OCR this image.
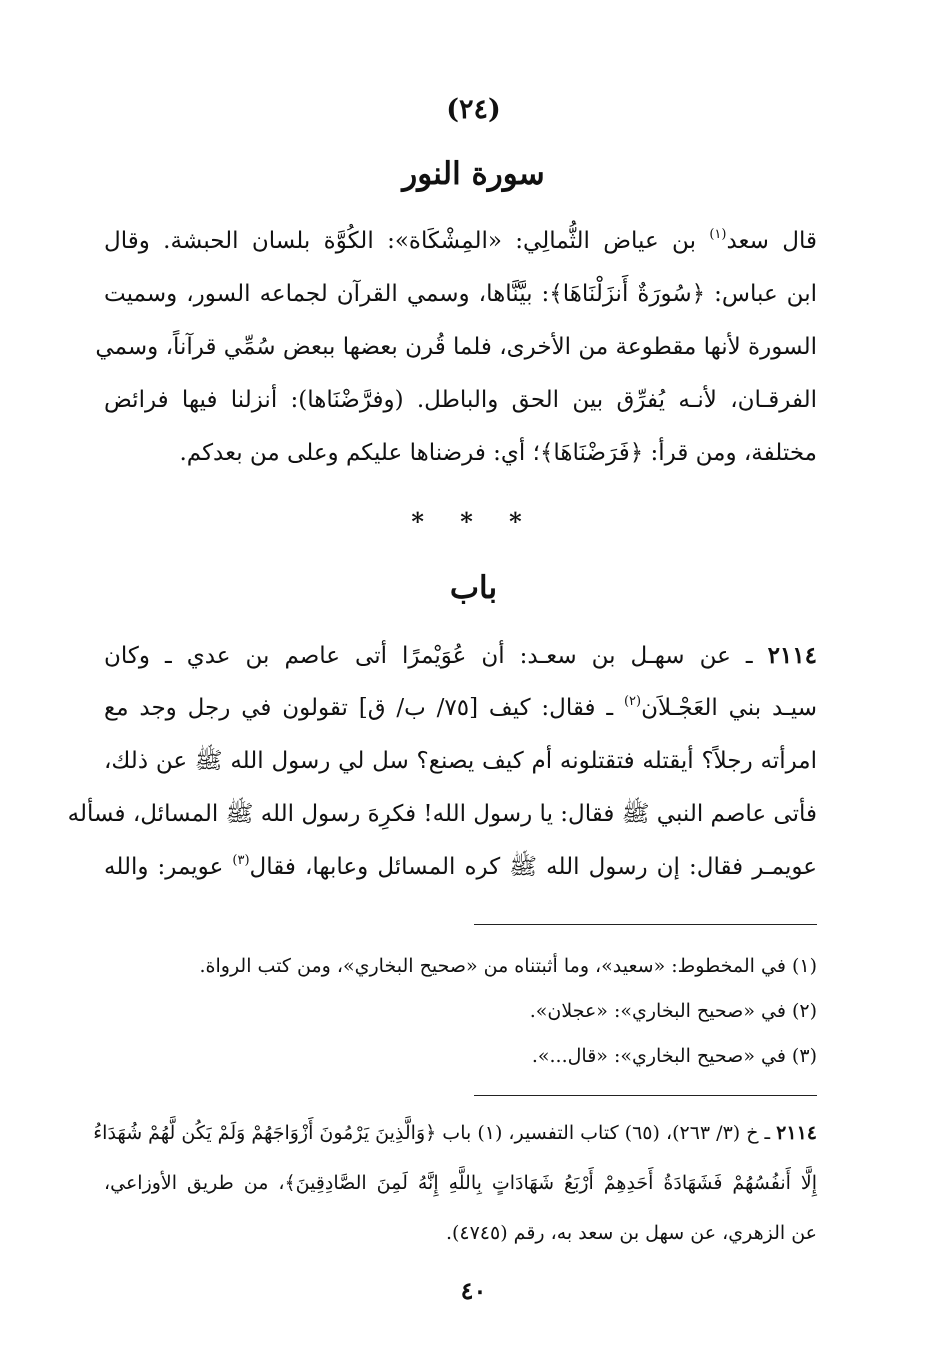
(٢٤)
سورة النور
قال سعد$^{(١)}$ بن عياض الثُّمالِي: «المِشْكَاة»: الكُوَّة بلسان الحبشة. وقال
ابن عباس: ﴿سُورَةٌ أَنزَلْنَاهَا﴾: بيَّنَّاها، وسمي القرآن لجماعه السور، وسميت
السورة لأنها مقطوعة من الأخرى، فلما قُرن بعضها ببعض سُمِّي قرآناً، وسمي
الفرقـان، لأنـه يُفرِّق بين الحق والباطل. (وفرَّضْنَاها): أنزلنا فيها فرائض
مختلفة، ومن قرأ: ﴿فَرَضْنَاهَا﴾؛ أي: فرضناها عليكم وعلى من بعدكم.
* * *
باب
٢١١٤ ـ عن سهـل بن سعـد: أن عُوَيْمرًا أتى عاصم بن عدي ـ وكان
سيـد بني العَجْـلاَن$^{(٢)}$ ـ فقال: كيف [٧٥/ ب/ ق] تقولون في رجل وجد مع
امرأته رجلاً؟ أيقتله فتقتلونه أم كيف يصنع؟ سل لي رسول الله ﷺ عن ذلك،
فأتى عاصم النبي ﷺ فقال: يا رسول الله! فكرِهَ رسول الله ﷺ المسائل، فسأله
عويمـر فقال: إن رسول الله ﷺ كره المسائل وعابها، فقال$^{(٣)}$ عويمر: والله
(١) في المخطوط: «سعيد»، وما أثبتناه من «صحيح البخاري»، ومن كتب الرواة.
(٢) في «صحيح البخاري»: «عجلان».
(٣) في «صحيح البخاري»: «قال...».
٢١١٤ ـ خ (٣/ ٢٦٣)، (٦٥) كتاب التفسير، (١) باب ﴿وَالَّذِينَ يَرْمُونَ أَزْوَاجَهُمْ وَلَمْ يَكُن لَّهُمْ شُهَدَاءُ
إِلَّا أَنفُسُهُمْ فَشَهَادَةُ أَحَدِهِمْ أَرْبَعُ شَهَادَاتٍ بِاللَّهِ إِنَّهُ لَمِنَ الصَّادِقِينَ﴾، من طريق الأوزاعي،
عن الزهري، عن سهل بن سعد به، رقم (٤٧٤٥).
٤٠
